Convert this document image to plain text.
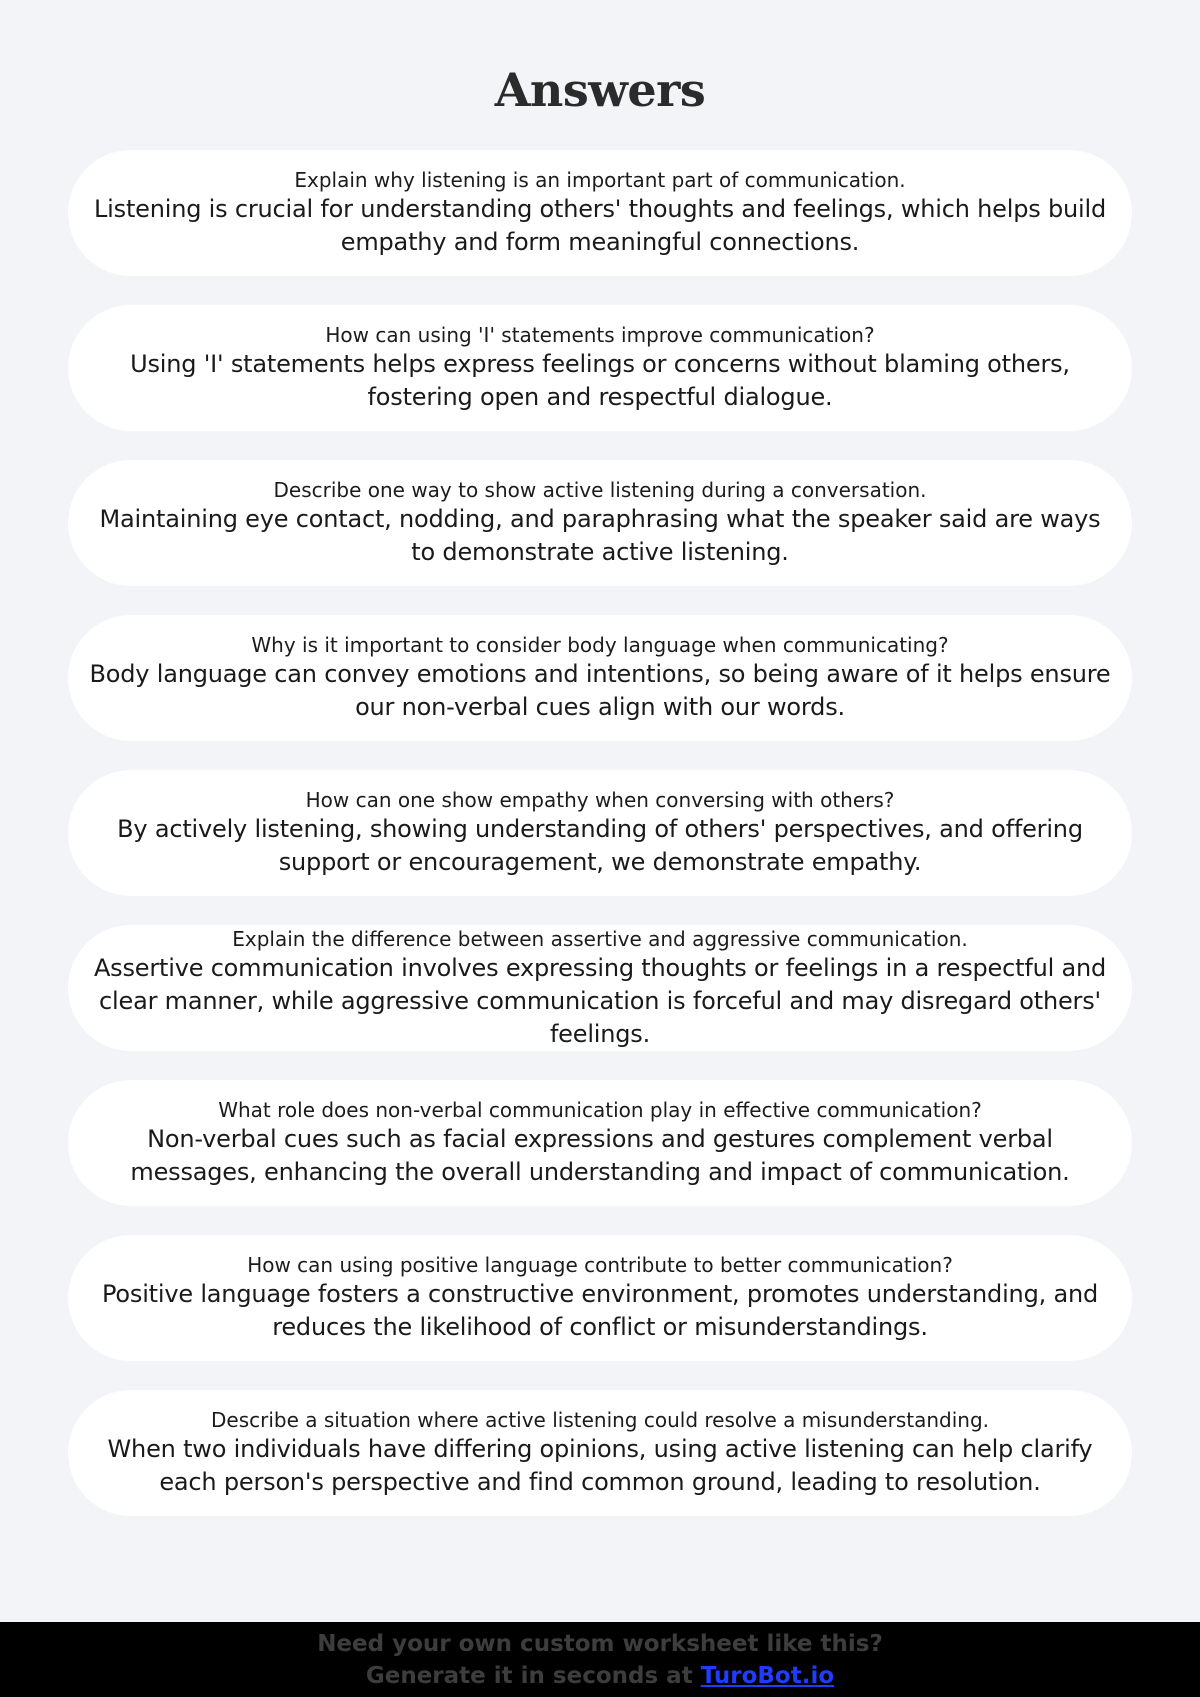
Answers
Explain why listening is an important part of communication.
Listening is crucial for understanding others' thoughts and feelings, which helps build empathy and form meaningful connections.
How can using 'I' statements improve communication?
Using 'I' statements helps express feelings or concerns without blaming others, fostering open and respectful dialogue.
Describe one way to show active listening during a conversation.
Maintaining eye contact, nodding, and paraphrasing what the speaker said are ways to demonstrate active listening.
Why is it important to consider body language when communicating?
Body language can convey emotions and intentions, so being aware of it helps ensure our non-verbal cues align with our words.
How can one show empathy when conversing with others?
By actively listening, showing understanding of others' perspectives, and offering support or encouragement, we demonstrate empathy.
Explain the difference between assertive and aggressive communication.
Assertive communication involves expressing thoughts or feelings in a respectful and clear manner, while aggressive communication is forceful and may disregard others' feelings.
What role does non-verbal communication play in effective communication?
Non-verbal cues such as facial expressions and gestures complement verbal messages, enhancing the overall understanding and impact of communication.
How can using positive language contribute to better communication?
Positive language fosters a constructive environment, promotes understanding, and reduces the likelihood of conflict or misunderstandings.
Describe a situation where active listening could resolve a misunderstanding.
When two individuals have differing opinions, using active listening can help clarify each person's perspective and find common ground, leading to resolution.
Need your own custom worksheet like this?
Generate it in seconds at TuroBot.io
